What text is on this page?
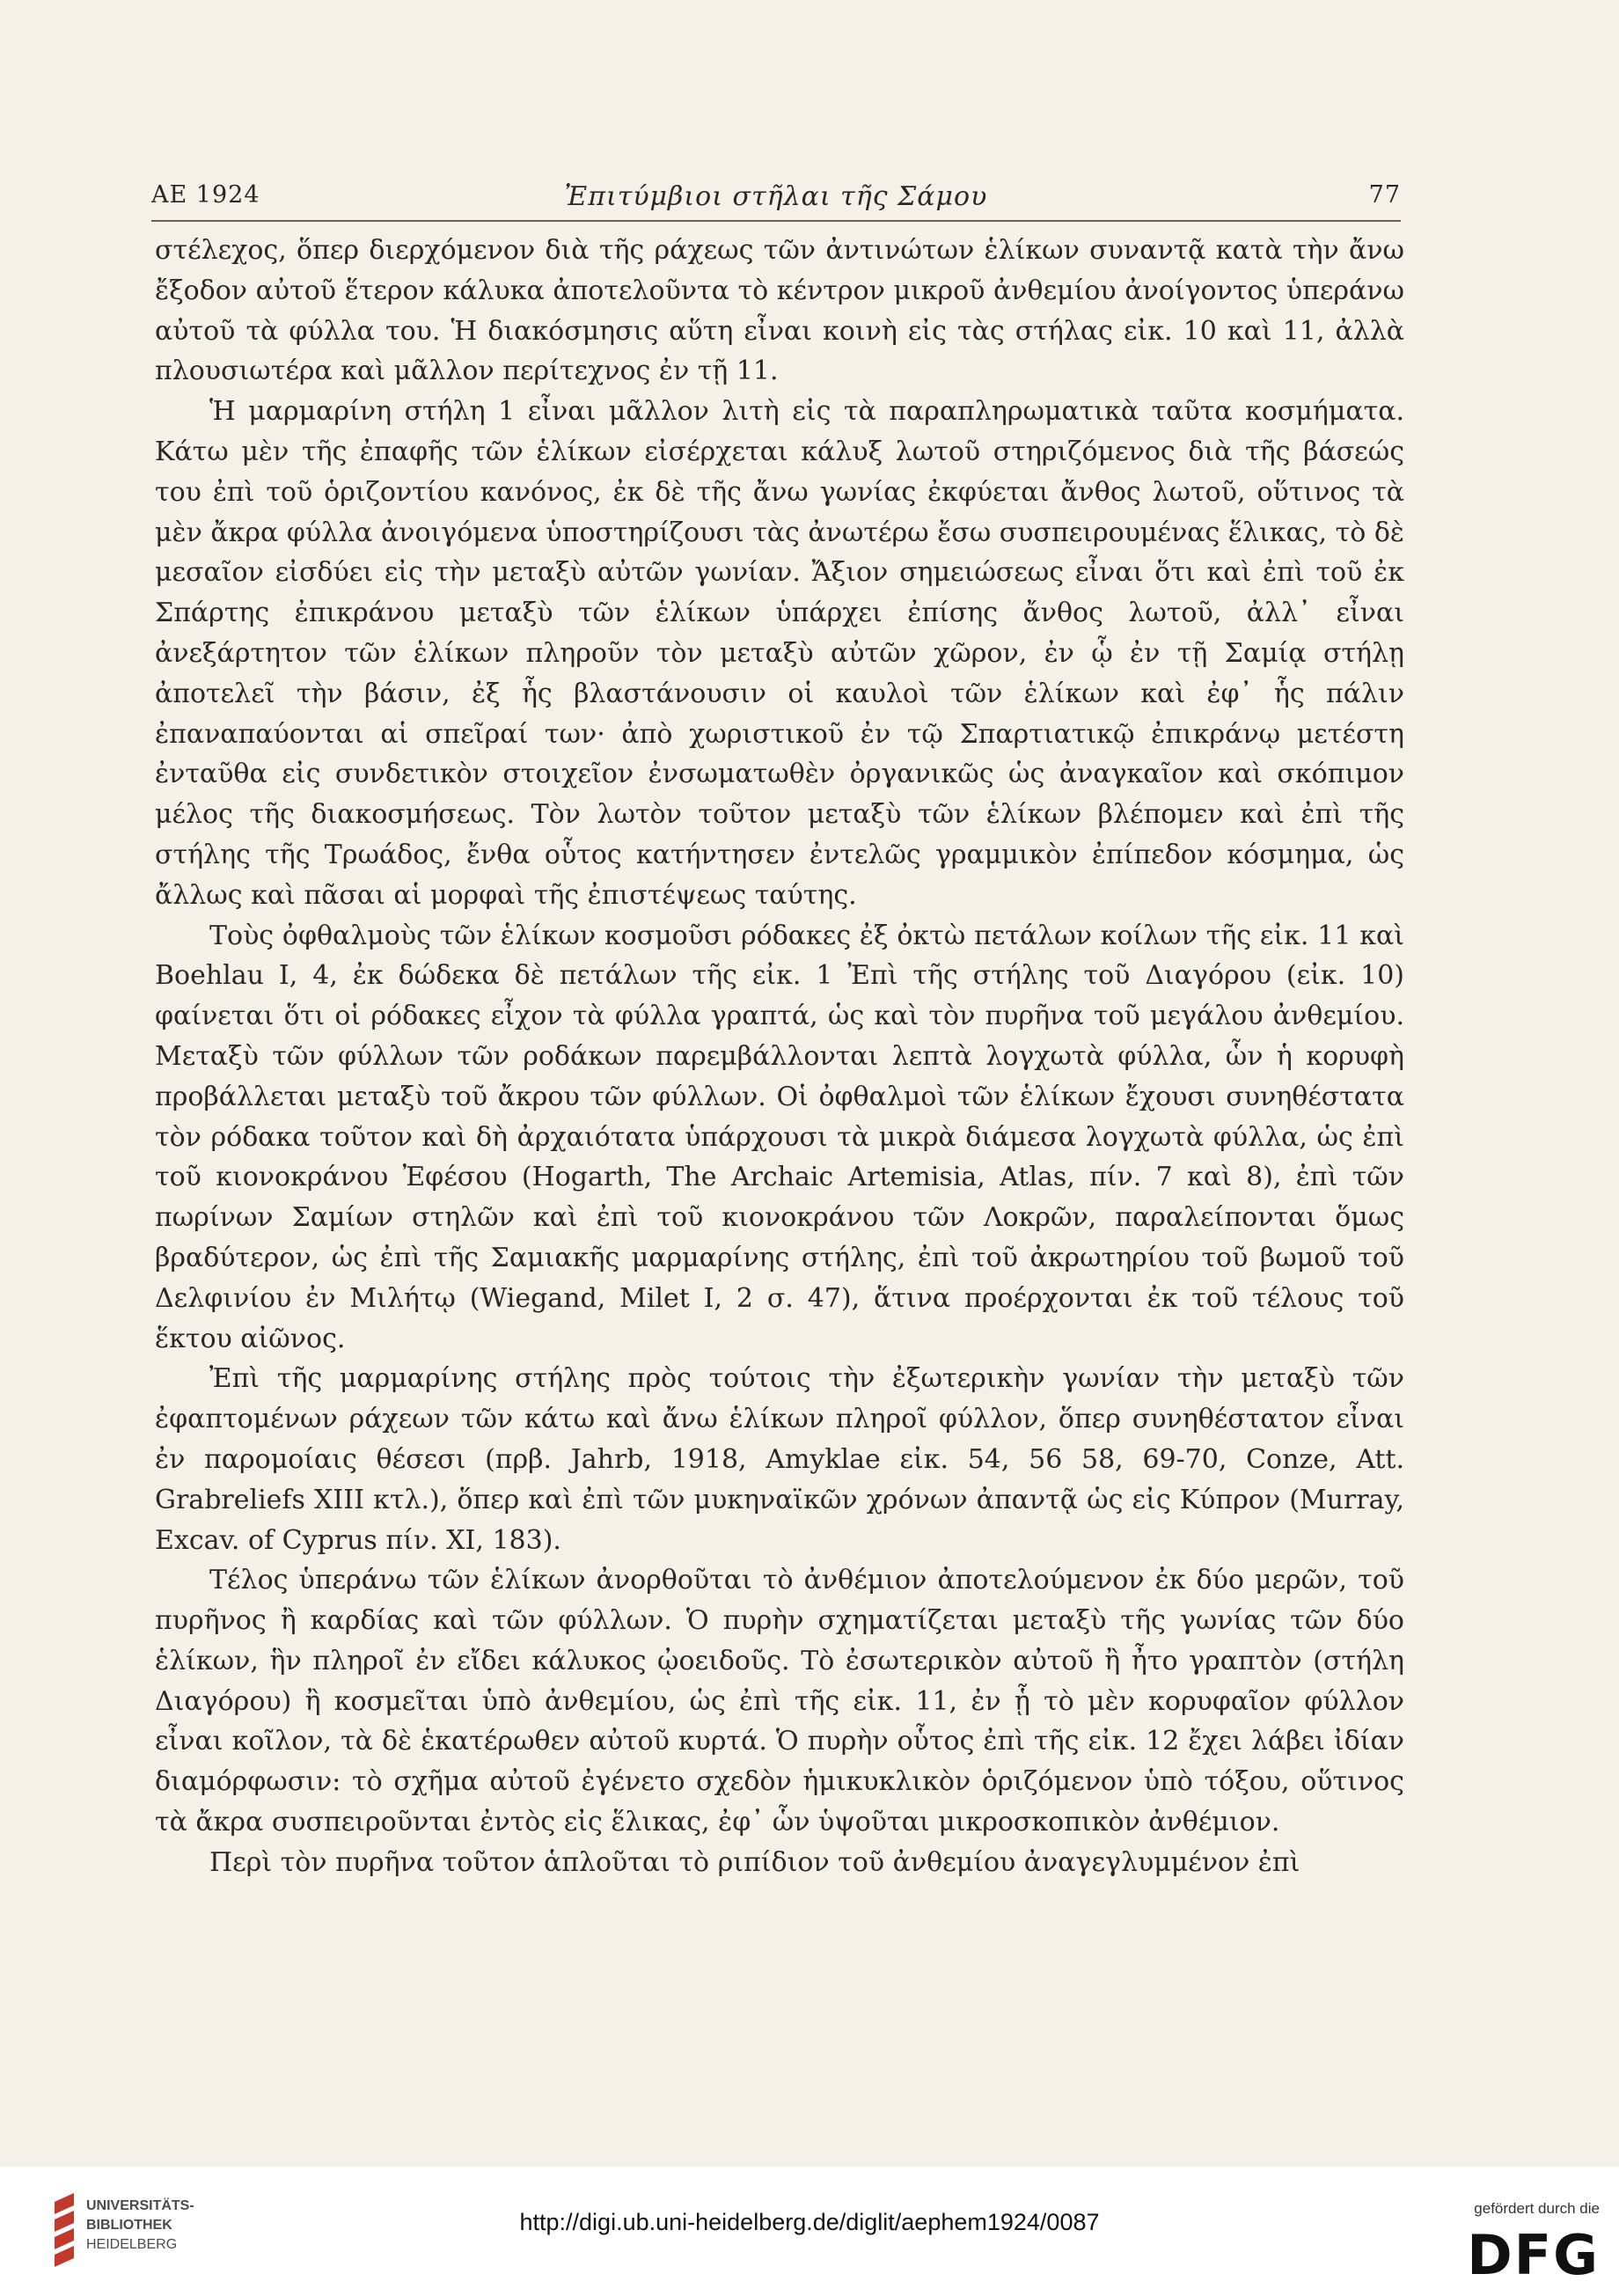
ΑΕ 1924	Ἐπιτύμβιοι στῆλαι τῆς Σάμου	77

στέλεχος, ὅπερ διερχόμενον διὰ τῆς ράχεως τῶν ἀντινώτων ἑλίκων συναντᾷ κατὰ τὴν ἄνω ἔξοδον αὐτοῦ ἕτερον κάλυκα ἀποτελοῦντα τὸ κέντρον μικροῦ ἀνθεμίου ἀνοίγοντος ὑπεράνω αὐτοῦ τὰ φύλλα του. Ἡ διακόσμησις αὕτη εἶναι κοινὴ εἰς τὰς στήλας εἰκ. 10 καὶ 11, ἀλλὰ πλουσιωτέρα καὶ μᾶλλον περίτεχνος ἐν τῇ 11.

Ἡ μαρμαρίνη στήλη 1 εἶναι μᾶλλον λιτὴ εἰς τὰ παραπληρωματικὰ ταῦτα κοσμήματα. Κάτω μὲν τῆς ἐπαφῆς τῶν ἑλίκων εἰσέρχεται κάλυξ λωτοῦ στηριζόμενος διὰ τῆς βάσεώς του ἐπὶ τοῦ ὁριζοντίου κανόνος, ἐκ δὲ τῆς ἄνω γωνίας ἐκφύεται ἄνθος λωτοῦ, οὕτινος τὰ μὲν ἄκρα φύλλα ἀνοιγόμενα ὑποστηρίζουσι τὰς ἀνωτέρω ἔσω συσπειρουμένας ἕλικας, τὸ δὲ μεσαῖον εἰσδύει εἰς τὴν μεταξὺ αὐτῶν γωνίαν. Ἄξιον σημειώσεως εἶναι ὅτι καὶ ἐπὶ τοῦ ἐκ Σπάρτης ἐπικράνου μεταξὺ τῶν ἑλίκων ὑπάρχει ἐπίσης ἄνθος λωτοῦ, ἀλλ᾽ εἶναι ἀνεξάρτητον τῶν ἑλίκων πληροῦν τὸν μεταξὺ αὐτῶν χῶρον, ἐν ᾧ ἐν τῇ Σαμίᾳ στήλῃ ἀποτελεῖ τὴν βάσιν, ἐξ ἧς βλαστάνουσιν οἱ καυλοὶ τῶν ἑλίκων καὶ ἐφ᾽ ἧς πάλιν ἐπαναπαύονται αἱ σπεῖραί των· ἀπὸ χωριστικοῦ ἐν τῷ Σπαρτιατικῷ ἐπικράνῳ μετέστη ἐνταῦθα εἰς συνδετικὸν στοιχεῖον ἐνσωματωθὲν ὀργανικῶς ὡς ἀναγκαῖον καὶ σκόπιμον μέλος τῆς διακοσμήσεως. Τὸν λωτὸν τοῦτον μεταξὺ τῶν ἑλίκων βλέπομεν καὶ ἐπὶ τῆς στήλης τῆς Τρωάδος, ἔνθα οὗτος κατήντησεν ἐντελῶς γραμμικὸν ἐπίπεδον κόσμημα, ὡς ἄλλως καὶ πᾶσαι αἱ μορφαὶ τῆς ἐπιστέψεως ταύτης.

Τοὺς ὀφθαλμοὺς τῶν ἑλίκων κοσμοῦσι ρόδακες ἐξ ὀκτὼ πετάλων κοίλων τῆς εἰκ. 11 καὶ Boehlau I, 4, ἐκ δώδεκα δὲ πετάλων τῆς εἰκ. 1 Ἐπὶ τῆς στήλης τοῦ Διαγόρου (εἰκ. 10) φαίνεται ὅτι οἱ ρόδακες εἶχον τὰ φύλλα γραπτά, ὡς καὶ τὸν πυρῆνα τοῦ μεγάλου ἀνθεμίου. Μεταξὺ τῶν φύλλων τῶν ροδάκων παρεμβάλλονται λεπτὰ λογχωτὰ φύλλα, ὧν ἡ κορυφὴ προβάλλεται μεταξὺ τοῦ ἄκρου τῶν φύλλων. Οἱ ὀφθαλμοὶ τῶν ἑλίκων ἔχουσι συνηθέστατα τὸν ρόδακα τοῦτον καὶ δὴ ἀρχαιότατα ὑπάρχουσι τὰ μικρὰ διάμεσα λογχωτὰ φύλλα, ὡς ἐπὶ τοῦ κιονοκράνου Ἐφέσου (Hogarth, The Archaic Artemisia, Atlas, πίν. 7 καὶ 8), ἐπὶ τῶν πωρίνων Σαμίων στηλῶν καὶ ἐπὶ τοῦ κιονοκράνου τῶν Λοκρῶν, παραλείπονται ὅμως βραδύτερον, ὡς ἐπὶ τῆς Σαμιακῆς μαρμαρίνης στήλης, ἐπὶ τοῦ ἀκρωτηρίου τοῦ βωμοῦ τοῦ Δελφινίου ἐν Μιλήτῳ (Wiegand, Milet I, 2 σ. 47), ἅτινα προέρχονται ἐκ τοῦ τέλους τοῦ ἕκτου αἰῶνος.

Ἐπὶ τῆς μαρμαρίνης στήλης πρὸς τούτοις τὴν ἐξωτερικὴν γωνίαν τὴν μεταξὺ τῶν ἐφαπτομένων ράχεων τῶν κάτω καὶ ἄνω ἑλίκων πληροῖ φύλλον, ὅπερ συνηθέστατον εἶναι ἐν παρομοίαις θέσεσι (πρβ. Jahrb, 1918, Amyklae εἰκ. 54, 56 58, 69-70, Conze, Att. Grabreliefs XIII κτλ.), ὅπερ καὶ ἐπὶ τῶν μυκηναϊκῶν χρόνων ἀπαντᾷ ὡς εἰς Κύπρον (Murray, Excav. of Cyprus πίν. XI, 183).

Τέλος ὑπεράνω τῶν ἑλίκων ἀνορθοῦται τὸ ἀνθέμιον ἀποτελούμενον ἐκ δύο μερῶν, τοῦ πυρῆνος ἢ καρδίας καὶ τῶν φύλλων. Ὁ πυρὴν σχηματίζεται μεταξὺ τῆς γωνίας τῶν δύο ἑλίκων, ἣν πληροῖ ἐν εἴδει κάλυκος ᾠοειδοῦς. Τὸ ἐσωτερικὸν αὐτοῦ ἢ ἦτο γραπτὸν (στήλη Διαγόρου) ἢ κοσμεῖται ὑπὸ ἀνθεμίου, ὡς ἐπὶ τῆς εἰκ. 11, ἐν ᾗ τὸ μὲν κορυφαῖον φύλλον εἶναι κοῖλον, τὰ δὲ ἑκατέρωθεν αὐτοῦ κυρτά. Ὁ πυρὴν οὗτος ἐπὶ τῆς εἰκ. 12 ἔχει λάβει ἰδίαν διαμόρφωσιν: τὸ σχῆμα αὐτοῦ ἐγένετο σχεδὸν ἡμικυκλικὸν ὁριζόμενον ὑπὸ τόξου, οὕτινος τὰ ἄκρα συσπειροῦνται ἐντὸς εἰς ἕλικας, ἐφ᾽ ὧν ὑψοῦται μικροσκοπικὸν ἀνθέμιον.

Περὶ τὸν πυρῆνα τοῦτον ἁπλοῦται τὸ ριπίδιον τοῦ ἀνθεμίου ἀναγεγλυμμένον ἐπὶ

UNIVERSITÄTS-
BIBLIOTHEK
HEIDELBERG
http://digi.ub.uni-heidelberg.de/diglit/aephem1924/0087
gefördert durch die
DFG
